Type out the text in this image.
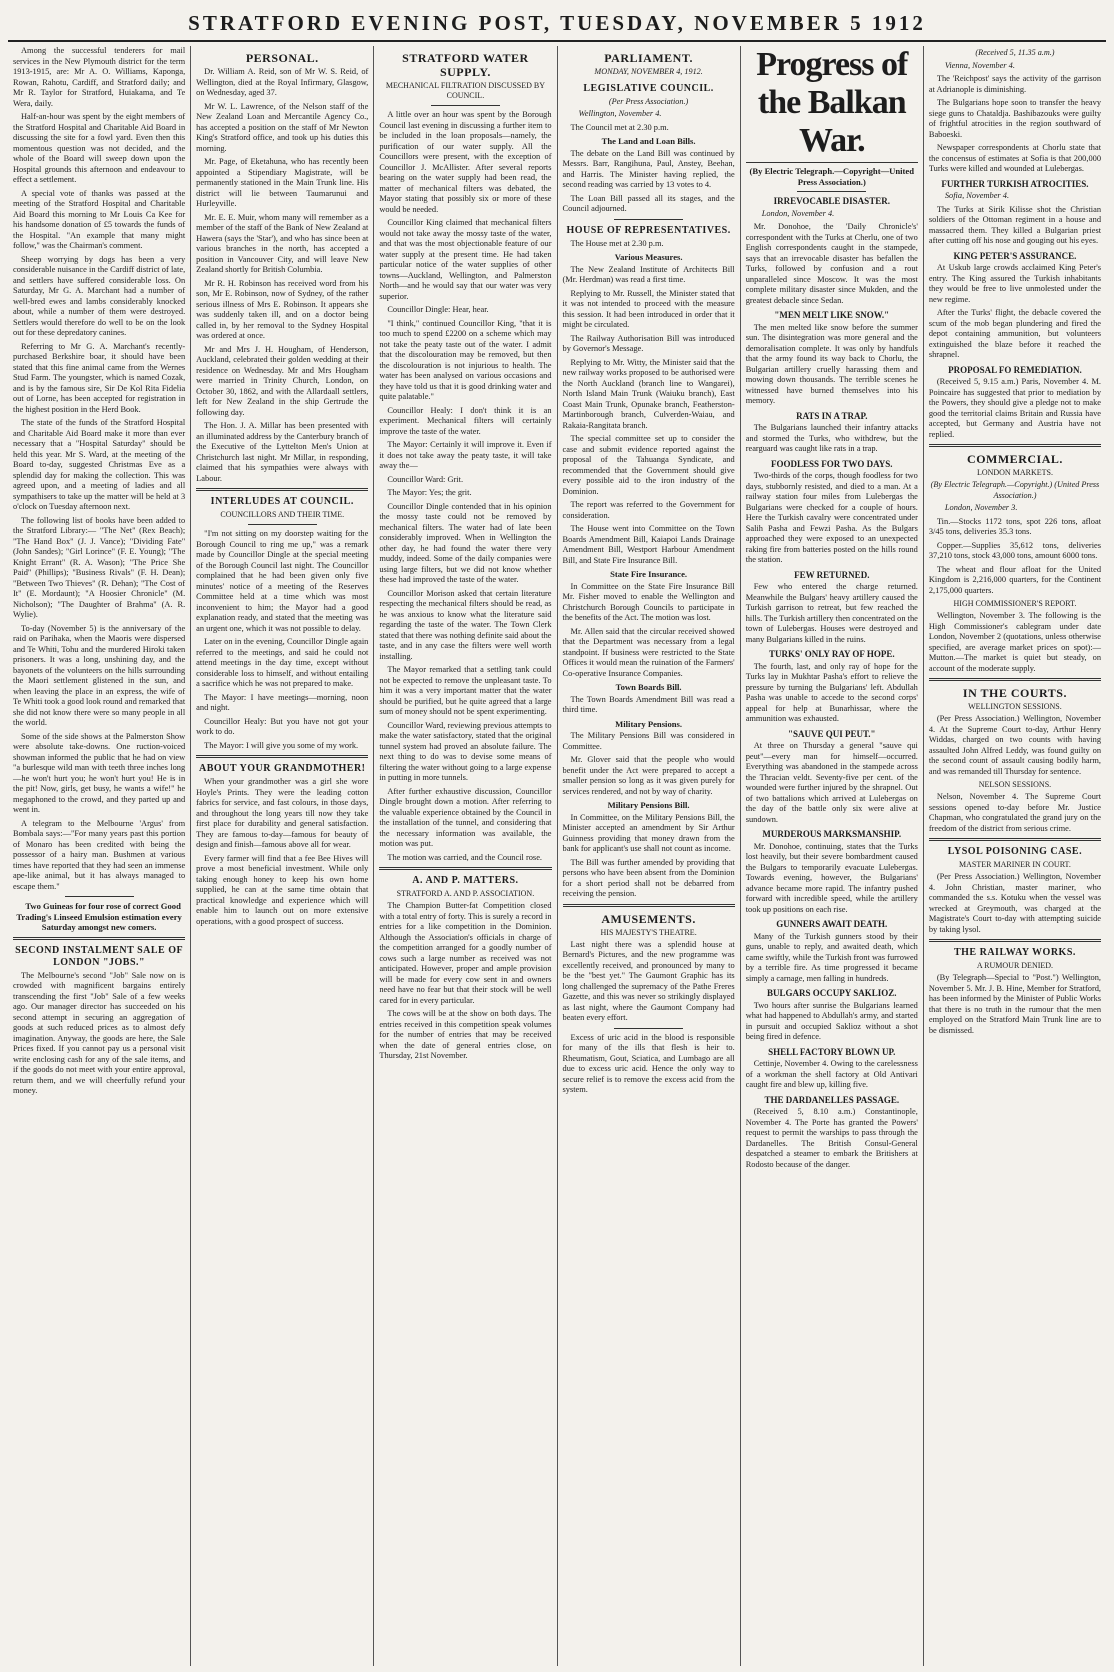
STRATFORD EVENING POST, TUESDAY, NOVEMBER 5 1912

Among the successful tenderers for mail services in the New Plymouth district for the term 1913-1915, are: Mr A. O. Williams, Kaponga, Rowan, Rahotu, Cardiff, and Stratford daily; and Mr R. Taylor for Stratford, Huiakama, and Te Wera, daily.

Half-an-hour was spent by the eight members of the Stratford Hospital and Charitable Aid Board in discussing the site for a fowl yard. Even then this momentous question was not decided, and the whole of the Board will sweep down upon the Hospital grounds this afternoon and endeavour to effect a settlement.

A special vote of thanks was passed at the meeting of the Stratford Hospital and Charitable Aid Board this morning to Mr Louis Ca Kee for his handsome donation of £5 towards the funds of the Hospital. "An example that many might follow," was the Chairman's comment.

Sheep worrying by dogs has been a very considerable nuisance in the Cardiff district of late, and settlers have suffered considerable loss. On Saturday, Mr G. A. Marchant had a number of well-bred ewes and lambs considerably knocked about, while a number of them were destroyed. Settlers would therefore do well to be on the look out for these depredatory canines.

Referring to Mr G. A. Marchant's recently-purchased Berkshire boar, it should have been stated that this fine animal came from the Wernes Stud Farm. The youngster, which is named Cozak, and is by the famous sire, Sir De Kol Rita Fidelia out of Lorne, has been accepted for registration in the highest position in the Herd Book.

The state of the funds of the Stratford Hospital and Charitable Aid Board make it more than ever necessary that a "Hospital Saturday" should be held this year. Mr S. Ward, at the meeting of the Board to-day, suggested Christmas Eve as a splendid day for making the collection. This was agreed upon, and a meeting of ladies and all sympathisers to take up the matter will be held at 3 o'clock on Tuesday afternoon next.

The following list of books have been added to the Stratford Library:— "The Net" (Rex Beach); "The Hand Box" (J. J. Vance); "Dividing Fate" (John Sandes); "Girl Lorince" (F. E. Young); "The Knight Errant" (R. A. Wason); "The Price She Paid" (Phillips); "Business Rivals" (F. H. Dean); "Between Two Thieves" (R. Dehan); "The Cost of It" (E. Mordaunt); "A Hoosier Chronicle" (M. Nicholson); "The Daughter of Brahma" (A. R. Wylie).

To-day (November 5) is the anniversary of the raid on Parihaka, when the Maoris were dispersed and Te Whiti, Tohu and the murdered Hiroki taken prisoners. It was a long, unshining day, and the bayonets of the volunteers on the hills surrounding the Maori settlement glistened in the sun, and when leaving the place in an express, the wife of Te Whiti took a good look round and remarked that she did not know there were so many people in all the world.

Some of the side shows at the Palmerston Show were absolute take-downs. One ruction-voiced showman informed the public that he had on view "a burlesque wild man with teeth three inches long—he won't hurt you; he won't hurt you! He is in the pit! Now, girls, get busy, he wants a wife!" he megaphoned to the crowd, and they parted up and went in.

A telegram to the Melbourne 'Argus' from Bombala says:—"For many years past this portion of Monaro has been credited with being the possessor of a hairy man. Bushmen at various times have reported that they had seen an immense ape-like animal, but it has always managed to escape them."

Two Guineas for four rose of correct Good Trading's Linseed Emulsion estimation every Saturday amongst new comers.

SECOND INSTALMENT SALE OF LONDON "JOBS."

The Melbourne's second "Job" Sale now on is crowded with magnificent bargains entirely transcending the first "Job" Sale of a few weeks ago. Our manager director has succeeded on his second attempt in securing an aggregation of goods at such reduced prices as to almost defy imagination. Anyway, the goods are here, the Sale Prices fixed. If you cannot pay us a personal visit write enclosing cash for any of the sale items, and if the goods do not meet with your entire approval, return them, and we will cheerfully refund your money.

PERSONAL.

Dr. William A. Reid, son of Mr W. S. Reid, of Wellington, died at the Royal Infirmary, Glasgow, on Wednesday, aged 37.

Mr W. L. Lawrence, of the Nelson staff of the New Zealand Loan and Mercantile Agency Co., has accepted a position on the staff of Mr Newton King's Stratford office, and took up his duties this morning.

Mr. Page, of Eketahuna, who has recently been appointed a Stipendiary Magistrate, will be permanently stationed in the Main Trunk line. His district will lie between Taumarunui and Hurleyville.

Mr. E. E. Muir, whom many will remember as a member of the staff of the Bank of New Zealand at Hawera (says the 'Star'), and who has since been at various branches in the north, has accepted a position in Vancouver City, and will leave New Zealand shortly for British Columbia.

Mr R. H. Robinson has received word from his son, Mr E. Robinson, now of Sydney, of the rather serious illness of Mrs E. Robinson. It appears she was suddenly taken ill, and on a doctor being called in, by her removal to the Sydney Hospital was ordered at once.

Mr and Mrs J. H. Hougham, of Henderson, Auckland, celebrated their golden wedding at their residence on Wednesday. Mr and Mrs Hougham were married in Trinity Church, London, on October 30, 1862, and with the Allardaall settlers, left for New Zealand in the ship Gertrude the following day.

The Hon. J. A. Millar has been presented with an illuminated address by the Canterbury branch of the Executive of the Lyttelton Men's Union at Christchurch last night. Mr Millar, in responding, claimed that his sympathies were always with Labour.

INTERLUDES AT COUNCIL.
COUNCILLORS AND THEIR TIME.

"I'm not sitting on my doorstep waiting for the Borough Council to ring me up," was a remark made by Councillor Dingle at the special meeting of the Borough Council last night. The Councillor complained that he had been given only five minutes' notice of a meeting of the Reserves Committee held at a time which was most inconvenient to him; the Mayor had a good explanation ready, and stated that the meeting was an urgent one, which it was not possible to delay.

Later on in the evening, Councillor Dingle again referred to the meetings, and said he could not attend meetings in the day time, except without considerable loss to himself, and without entailing a sacrifice which he was not prepared to make.

The Mayor: I have meetings—morning, noon and night.

Councillor Healy: But you have not got your work to do.

The Mayor: I will give you some of my work.

ABOUT YOUR GRANDMOTHER!

When your grandmother was a girl she wore Hoyle's Prints. They were the leading cotton fabrics for service, and fast colours, in those days, and throughout the long years till now they take first place for durability and general satisfaction. They are famous to-day—famous for beauty of design and finish—famous above all for wear.

Every farmer will find that a fee Bee Hives will prove a most beneficial investment. While only taking enough honey to keep his own home supplied, he can at the same time obtain that practical knowledge and experience which will enable him to launch out on more extensive operations, with a good prospect of success.

STRATFORD WATER SUPPLY.
MECHANICAL FILTRATION DISCUSSED BY COUNCIL.

A little over an hour was spent by the Borough Council last evening in discussing a further item to be included in the loan proposals—namely, the purification of our water supply. All the Councillors were present, with the exception of Councillor J. McAllister. After several reports bearing on the water supply had been read, the matter of mechanical filters was debated, the Mayor stating that possibly six or more of these would be needed.

Councillor King claimed that mechanical filters would not take away the mossy taste of the water, and that was the most objectionable feature of our water supply at the present time. He had taken particular notice of the water supplies of other towns—Auckland, Wellington, and Palmerston North—and he would say that our water was very superior.

Councillor Dingle: Hear, hear.

"I think," continued Councillor King, "that it is too much to spend £2200 on a scheme which may not take the peaty taste out of the water. I admit that the discolouration may be removed, but then the discolouration is not injurious to health. The water has been analysed on various occasions and they have told us that it is good drinking water and quite palatable."

Councillor Healy: I don't think it is an experiment. Mechanical filters will certainly improve the taste of the water.

The Mayor: Certainly it will improve it. Even if it does not take away the peaty taste, it will take away the—

Councillor Ward: Grit.

The Mayor: Yes; the grit.

Councillor Dingle contended that in his opinion the mossy taste could not be removed by mechanical filters. The water had of late been considerably improved. When in Wellington the other day, he had found the water there very muddy, indeed. Some of the daily companies were using large filters, but we did not know whether these had improved the taste of the water.

Councillor Morison asked that certain literature respecting the mechanical filters should be read, as he was anxious to know what the literature said regarding the taste of the water. The Town Clerk stated that there was nothing definite said about the taste, and in any case the filters were well worth installing.

The Mayor remarked that a settling tank could not be expected to remove the unpleasant taste. To him it was a very important matter that the water should be purified, but he quite agreed that a large sum of money should not be spent experimenting.

Councillor Ward, reviewing previous attempts to make the water satisfactory, stated that the original tunnel system had proved an absolute failure. The next thing to do was to devise some means of filtering the water without going to a large expense in putting in more tunnels.

After further exhaustive discussion, Councillor Dingle brought down a motion. After referring to the valuable experience obtained by the Council in the installation of the tunnel, and considering that the necessary information was available, the motion was put.

The motion was carried, and the Council rose.

A. AND P. MATTERS.
STRATFORD A. AND P. ASSOCIATION.

The Champion Butter-fat Competition closed with a total entry of forty. This is surely a record in entries for a like competition in the Dominion. Although the Association's officials in charge of the competition arranged for a goodly number of cows such a large number as received was not anticipated. However, proper and ample provision will be made for every cow sent in and owners need have no fear but that their stock will be well cared for in every particular.

The cows will be at the show on both days. The entries received in this competition speak volumes for the number of entries that may be received when the date of general entries close, on Thursday, 21st November.

PARLIAMENT.
MONDAY, NOVEMBER 4, 1912.
LEGISLATIVE COUNCIL.
(Per Press Association.)

Wellington, November 4.

The Council met at 2.30 p.m.

The Land and Loan Bills.

The debate on the Land Bill was continued by Messrs. Barr, Rangihuna, Paul, Anstey, Beehan, and Harris. The Minister having replied, the second reading was carried by 13 votes to 4.

The Loan Bill passed all its stages, and the Council adjourned.

HOUSE OF REPRESENTATIVES.

The House met at 2.30 p.m.

Various Measures.

The New Zealand Institute of Architects Bill (Mr. Herdman) was read a first time.

Replying to Mr. Russell, the Minister stated that it was not intended to proceed with the measure this session. It had been introduced in order that it might be circulated.

The Railway Authorisation Bill was introduced by Governor's Message.

Replying to Mr. Witty, the Minister said that the new railway works proposed to be authorised were the North Auckland (branch line to Wangarei), North Island Main Trunk (Waiuku branch), East Coast Main Trunk, Opunake branch, Featherston-Martinborough branch, Culverden-Waiau, and Rakaia-Rangitata branch.

The special committee set up to consider the case and submit evidence reported against the proposal of the Tahuanga Syndicate, and recommended that the Government should give every possible aid to the iron industry of the Dominion.

The report was referred to the Government for consideration.

The House went into Committee on the Town Boards Amendment Bill, Kaiapoi Lands Drainage Amendment Bill, Westport Harbour Amendment Bill, and State Fire Insurance Bill.

State Fire Insurance.

In Committee on the State Fire Insurance Bill Mr. Fisher moved to enable the Wellington and Christchurch Borough Councils to participate in the benefits of the Act. The motion was lost.

Mr. Allen said that the circular received showed that the Department was necessary from a legal standpoint. If business were restricted to the State Offices it would mean the ruination of the Farmers' Co-operative Insurance Companies.

Town Boards Bill.

The Town Boards Amendment Bill was read a third time.

Military Pensions.

The Military Pensions Bill was considered in Committee.

Mr. Glover said that the people who would benefit under the Act were prepared to accept a smaller pension so long as it was given purely for services rendered, and not by way of charity.

Military Pensions Bill.

In Committee, on the Military Pensions Bill, the Minister accepted an amendment by Sir Arthur Guinness providing that money drawn from the bank for applicant's use shall not count as income.

The Bill was further amended by providing that persons who have been absent from the Dominion for a short period shall not be debarred from receiving the pension.

AMUSEMENTS.
HIS MAJESTY'S THEATRE.

Last night there was a splendid house at Bernard's Pictures, and the new programme was excellently received, and pronounced by many to be the "best yet." The Gaumont Graphic has its long challenged the supremacy of the Pathe Freres Gazette, and this was never so strikingly displayed as last night, where the Gaumont Company had beaten every effort.

Excess of uric acid in the blood is responsible for many of the ills that flesh is heir to. Rheumatism, Gout, Sciatica, and Lumbago are all due to excess uric acid. Hence the only way to secure relief is to remove the excess acid from the system.

Progress of the Balkan War.
(By Electric Telegraph.—Copyright—United Press Association.)
IRREVOCABLE DISASTER.

London, November 4.

Mr. Donohoe, the 'Daily Chronicle's' correspondent with the Turks at Cherlu, one of two English correspondents caught in the stampede, says that an irrevocable disaster has befallen the Turks, followed by confusion and a rout unparalleled since Moscow. It was the most complete military disaster since Mukden, and the greatest debacle since Sedan.

"MEN MELT LIKE SNOW."

The men melted like snow before the summer sun. The disintegration was more general and the demoralisation complete. It was only by handfuls that the army found its way back to Chorlu, the Bulgarian artillery cruelly harassing them and mowing down thousands. The terrible scenes he witnessed have burned themselves into his memory.

RATS IN A TRAP.

The Bulgarians launched their infantry attacks and stormed the Turks, who withdrew, but the rearguard was caught like rats in a trap.

FOODLESS FOR TWO DAYS.

Two-thirds of the corps, though foodless for two days, stubbornly resisted, and died to a man. At a railway station four miles from Lulebergas the Bulgarians were checked for a couple of hours. Here the Turkish cavalry were concentrated under Salih Pasha and Fewzi Pasha. As the Bulgars approached they were exposed to an unexpected raking fire from batteries posted on the hills round the station.

FEW RETURNED.

Few who entered the charge returned. Meanwhile the Bulgars' heavy artillery caused the Turkish garrison to retreat, but few reached the hills. The Turkish artillery then concentrated on the town of Lulebergas. Houses were destroyed and many Bulgarians killed in the ruins.

TURKS' ONLY RAY OF HOPE.

The fourth, last, and only ray of hope for the Turks lay in Mukhtar Pasha's effort to relieve the pressure by turning the Bulgarians' left. Abdullah Pasha was unable to accede to the second corps' appeal for help at Bunarhissar, where the ammunition was exhausted.

"SAUVE QUI PEUT."

At three on Thursday a general "sauve qui peut"—every man for himself—occurred. Everything was abandoned in the stampede across the Thracian veldt. Seventy-five per cent. of the wounded were further injured by the shrapnel. Out of two battalions which arrived at Lulebergas on the day of the battle only six were alive at sundown.

MURDEROUS MARKSMANSHIP.

Mr. Donohoe, continuing, states that the Turks lost heavily, but their severe bombardment caused the Bulgars to temporarily evacuate Lulebergas. Towards evening, however, the Bulgarians' advance became more rapid. The infantry pushed forward with incredible speed, while the artillery took up positions on each rise.

GUNNERS AWAIT DEATH.

Many of the Turkish gunners stood by their guns, unable to reply, and awaited death, which came swiftly, while the Turkish front was furrowed by a terrible fire. As time progressed it became simply a carnage, men falling in hundreds.

BULGARS OCCUPY SAKLIOZ.

Two hours after sunrise the Bulgarians learned what had happened to Abdullah's army, and started in pursuit and occupied Saklioz without a shot being fired in defence.

SHELL FACTORY BLOWN UP.

Cettinje, November 4. Owing to the carelessness of a workman the shell factory at Old Antivari caught fire and blew up, killing five.

THE DARDANELLES PASSAGE.

(Received 5, 8.10 a.m.) Constantinople, November 4. The Porte has granted the Powers' request to permit the warships to pass through the Dardanelles. The British Consul-General despatched a steamer to embark the Britishers at Rodosto because of the danger.

(Received 5, 11.35 a.m.)

Vienna, November 4.

The 'Reichpost' says the activity of the garrison at Adrianople is diminishing.

The Bulgarians hope soon to transfer the heavy siege guns to Chataldja. Bashibazouks were guilty of frightful atrocities in the region southward of Baboeski.

Newspaper correspondents at Chorlu state that the concensus of estimates at Sofia is that 200,000 Turks were killed and wounded at Lulebergas.

FURTHER TURKISH ATROCITIES.

Sofia, November 4.

The Turks at Sirik Kilisse shot the Christian soldiers of the Ottoman regiment in a house and massacred them. They killed a Bulgarian priest after cutting off his nose and gouging out his eyes.

KING PETER'S ASSURANCE.

At Uskub large crowds acclaimed King Peter's entry. The King assured the Turkish inhabitants they would be free to live unmolested under the new regime.

After the Turks' flight, the debacle covered the scum of the mob began plundering and fired the depot containing ammunition, but volunteers extinguished the blaze before it reached the shrapnel.

PROPOSAL FO REMEDIATION.

(Received 5, 9.15 a.m.) Paris, November 4. M. Poincaire has suggested that prior to mediation by the Powers, they should give a pledge not to make good the territorial claims Britain and Russia have accepted, but Germany and Austria have not replied.

COMMERCIAL.
LONDON MARKETS.
(By Electric Telegraph.—Copyright.) (United Press Association.)

London, November 3.

Tin.—Stocks 1172 tons, spot 226 tons, afloat 3/45 tons, deliveries 35.3 tons.

Copper.—Supplies 35,612 tons, deliveries 37,210 tons, stock 43,000 tons, amount 6000 tons.

The wheat and flour afloat for the United Kingdom is 2,216,000 quarters, for the Continent 2,175,000 quarters.

HIGH COMMISSIONER'S REPORT.

Wellington, November 3. The following is the High Commissioner's cablegram under date London, November 2 (quotations, unless otherwise specified, are average market prices on spot):— Mutton.—The market is quiet but steady, on account of the moderate supply.

IN THE COURTS.
WELLINGTON SESSIONS.

(Per Press Association.) Wellington, November 4. At the Supreme Court to-day, Arthur Henry Widdas, charged on two counts with having assaulted John Alfred Leddy, was found guilty on the second count of assault causing bodily harm, and was remanded till Thursday for sentence.

NELSON SESSIONS.

Nelson, November 4. The Supreme Court sessions opened to-day before Mr. Justice Chapman, who congratulated the grand jury on the freedom of the district from serious crime.

LYSOL POISONING CASE.
MASTER MARINER IN COURT.

(Per Press Association.) Wellington, November 4. John Christian, master mariner, who commanded the s.s. Kotuku when the vessel was wrecked at Greymouth, was charged at the Magistrate's Court to-day with attempting suicide by taking lysol.

THE RAILWAY WORKS.
A RUMOUR DENIED.

(By Telegraph—Special to "Post.") Wellington, November 5. Mr. J. B. Hine, Member for Stratford, has been informed by the Minister of Public Works that there is no truth in the rumour that the men employed on the Stratford Main Trunk line are to be dismissed.
